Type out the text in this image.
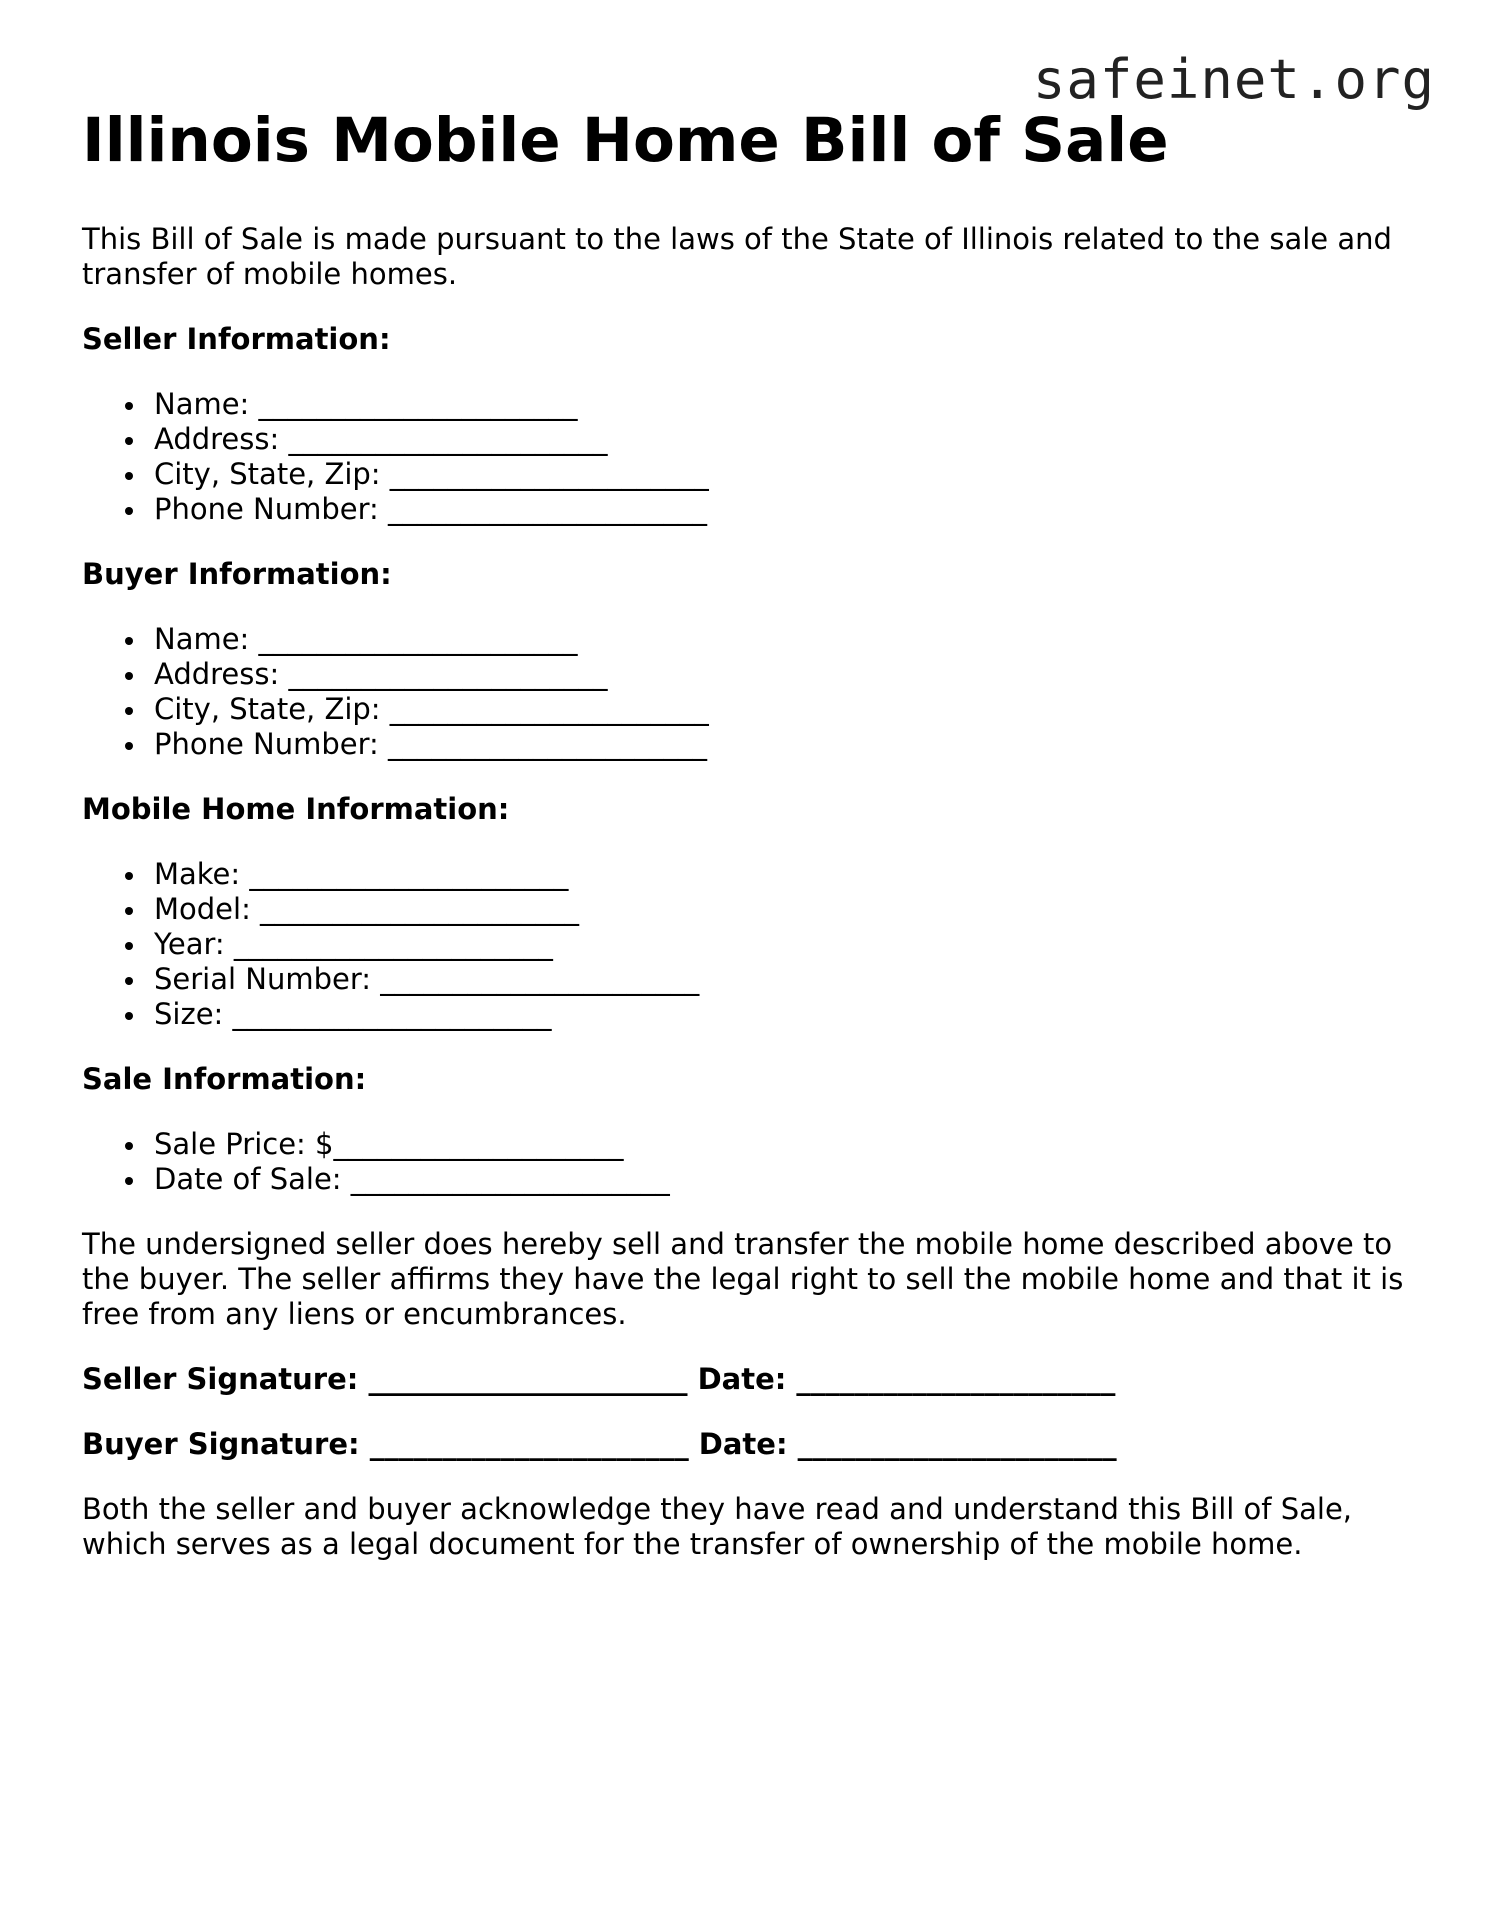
safeinet.org
Illinois Mobile Home Bill of Sale

This Bill of Sale is made pursuant to the laws of the State of Illinois related to the sale and transfer of mobile homes.

Seller Information:
Name: ______________________
Address: ______________________
City, State, Zip: ______________________
Phone Number: ______________________
Buyer Information:
Name: ______________________
Address: ______________________
City, State, Zip: ______________________
Phone Number: ______________________
Mobile Home Information:
Make: ______________________
Model: ______________________
Year: ______________________
Serial Number: ______________________
Size: ______________________
Sale Information:
Sale Price: $____________________
Date of Sale: ______________________

The undersigned seller does hereby sell and transfer the mobile home described above to the buyer. The seller affirms they have the legal right to sell the mobile home and that it is free from any liens or encumbrances.

Seller Signature: ______________________ Date: ______________________

Buyer Signature: ______________________ Date: ______________________

Both the seller and buyer acknowledge they have read and understand this Bill of Sale, which serves as a legal document for the transfer of ownership of the mobile home.
